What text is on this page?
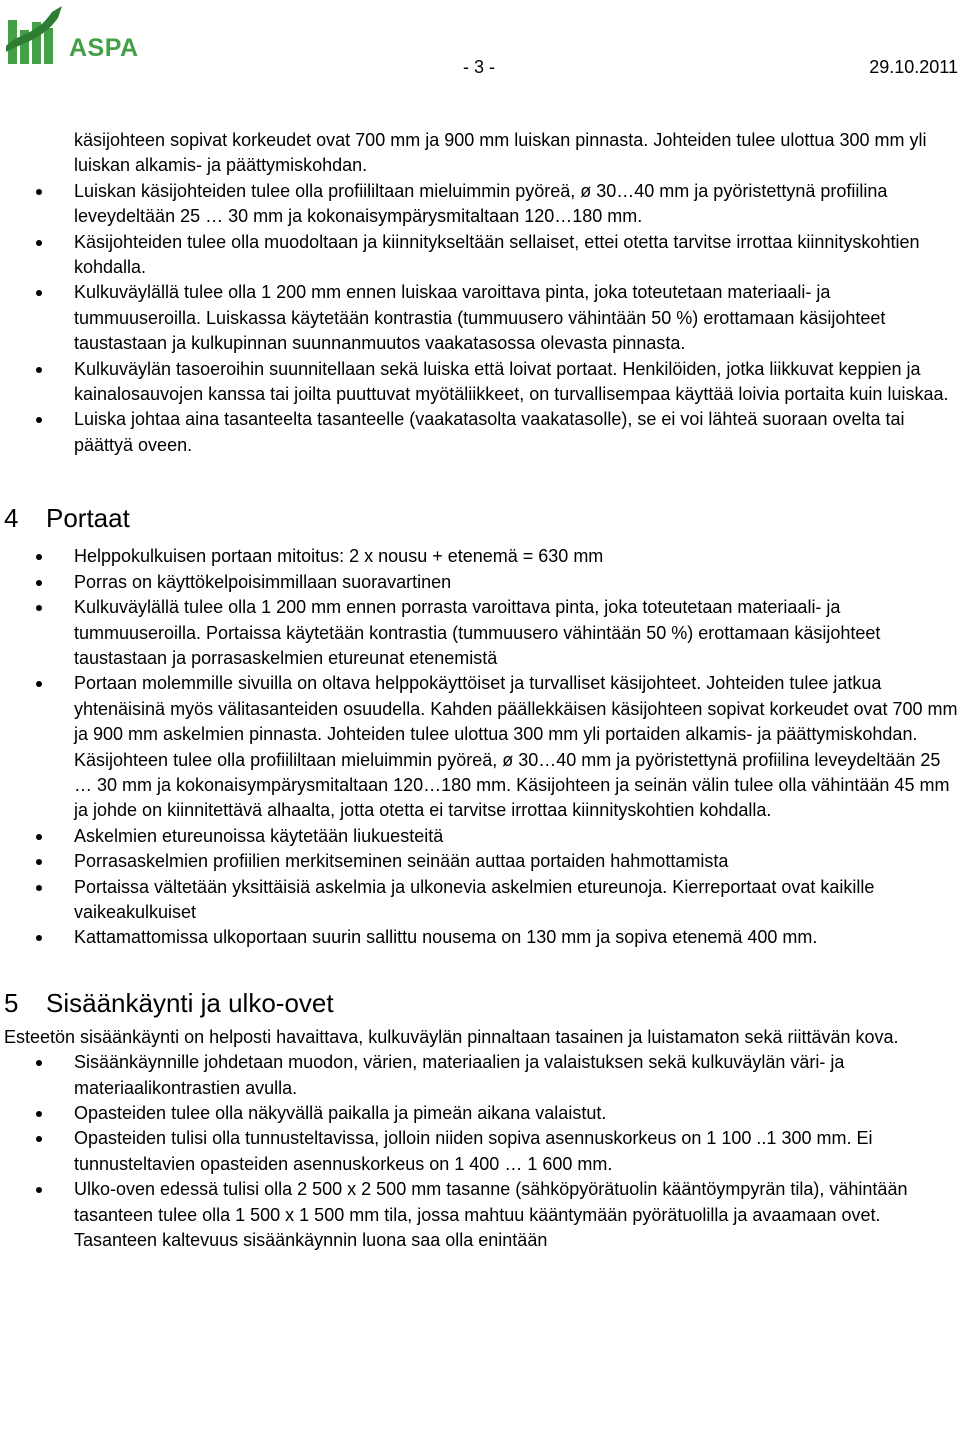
ASPA
- 3 -	29.10.2011
käsijohteen sopivat korkeudet ovat 700 mm ja 900 mm luiskan pinnasta. Johteiden tulee ulottua 300 mm yli luiskan alkamis- ja päättymiskohdan.
Luiskan käsijohteiden tulee olla profiililtaan mieluimmin pyöreä, ø 30…40 mm ja pyöristettynä profiilina leveydeltään 25 … 30 mm ja kokonaisympärysmitaltaan 120…180 mm.
Käsijohteiden tulee olla muodoltaan ja kiinnitykseltään sellaiset, ettei otetta tarvitse irrottaa kiinnityskohtien kohdalla.
Kulkuväylällä tulee olla 1 200 mm ennen luiskaa varoittava pinta, joka toteutetaan materiaali- ja tummuuseroilla. Luiskassa käytetään kontrastia (tummuusero vähintään 50 %) erottamaan käsijohteet taustastaan ja kulkupinnan suunnanmuutos vaakatasossa olevasta pinnasta.
Kulkuväylän tasoeroihin suunnitellaan sekä luiska että loivat portaat. Henkilöiden, jotka liikkuvat keppien ja kainalosauvojen kanssa tai joilta puuttuvat myötäliikkeet, on turvallisempaa käyttää loivia portaita kuin luiskaa.
Luiska johtaa aina tasanteelta tasanteelle (vaakatasolta vaakatasolle), se ei voi lähteä suoraan ovelta tai päättyä oveen.
4 Portaat
Helppokulkuisen portaan mitoitus: 2 x nousu + etenemä = 630 mm
Porras on käyttökelpoisimmillaan suoravartinen
Kulkuväylällä tulee olla 1 200 mm ennen porrasta varoittava pinta, joka toteutetaan materiaali- ja tummuuseroilla. Portaissa käytetään kontrastia (tummuusero vähintään 50 %) erottamaan käsijohteet taustastaan ja porrasaskelmien etureunat etenemistä
Portaan molemmille sivuilla on oltava helppokäyttöiset ja turvalliset käsijohteet. Johteiden tulee jatkua yhtenäisinä myös välitasanteiden osuudella. Kahden päällekkäisen käsijohteen sopivat korkeudet ovat 700 mm ja 900 mm askelmien pinnasta. Johteiden tulee ulottua 300 mm yli portaiden alkamis- ja päättymiskohdan. Käsijohteen tulee olla profiililtaan mieluimmin pyöreä, ø 30…40 mm ja pyöristettynä profiilina leveydeltään 25 … 30 mm ja kokonaisympärysmitaltaan 120…180 mm. Käsijohteen ja seinän välin tulee olla vähintään 45 mm ja johde on kiinnitettävä alhaalta, jotta otetta ei tarvitse irrottaa kiinnityskohtien kohdalla.
Askelmien etureunoissa käytetään liukuesteitä
Porrasaskelmien profiilien merkitseminen seinään auttaa portaiden hahmottamista
Portaissa vältetään yksittäisiä askelmia ja ulkonevia askelmien etureunoja. Kierreportaat ovat kaikille vaikeakulkuiset
Kattamattomissa ulkoportaan suurin sallittu nousema on 130 mm ja sopiva etenemä 400 mm.
5 Sisäänkäynti ja ulko-ovet
Esteetön sisäänkäynti on helposti havaittava, kulkuväylän pinnaltaan tasainen ja luistamaton sekä riittävän kova.
Sisäänkäynnille johdetaan muodon, värien, materiaalien ja valaistuksen sekä kulkuväylän väri- ja materiaalikontrastien avulla.
Opasteiden tulee olla näkyvällä paikalla ja pimeän aikana valaistut.
Opasteiden tulisi olla tunnusteltavissa, jolloin niiden sopiva asennuskorkeus on 1 100 ..1 300 mm. Ei tunnusteltavien opasteiden asennuskorkeus on 1 400 … 1 600 mm.
Ulko-oven edessä tulisi olla 2 500 x 2 500 mm tasanne (sähköpyörätuolin kääntöympyrän tila), vähintään tasanteen tulee olla 1 500 x 1 500 mm tila, jossa mahtuu kääntymään pyörätuolilla ja avaamaan ovet. Tasanteen kaltevuus sisäänkäynnin luona saa olla enintään
